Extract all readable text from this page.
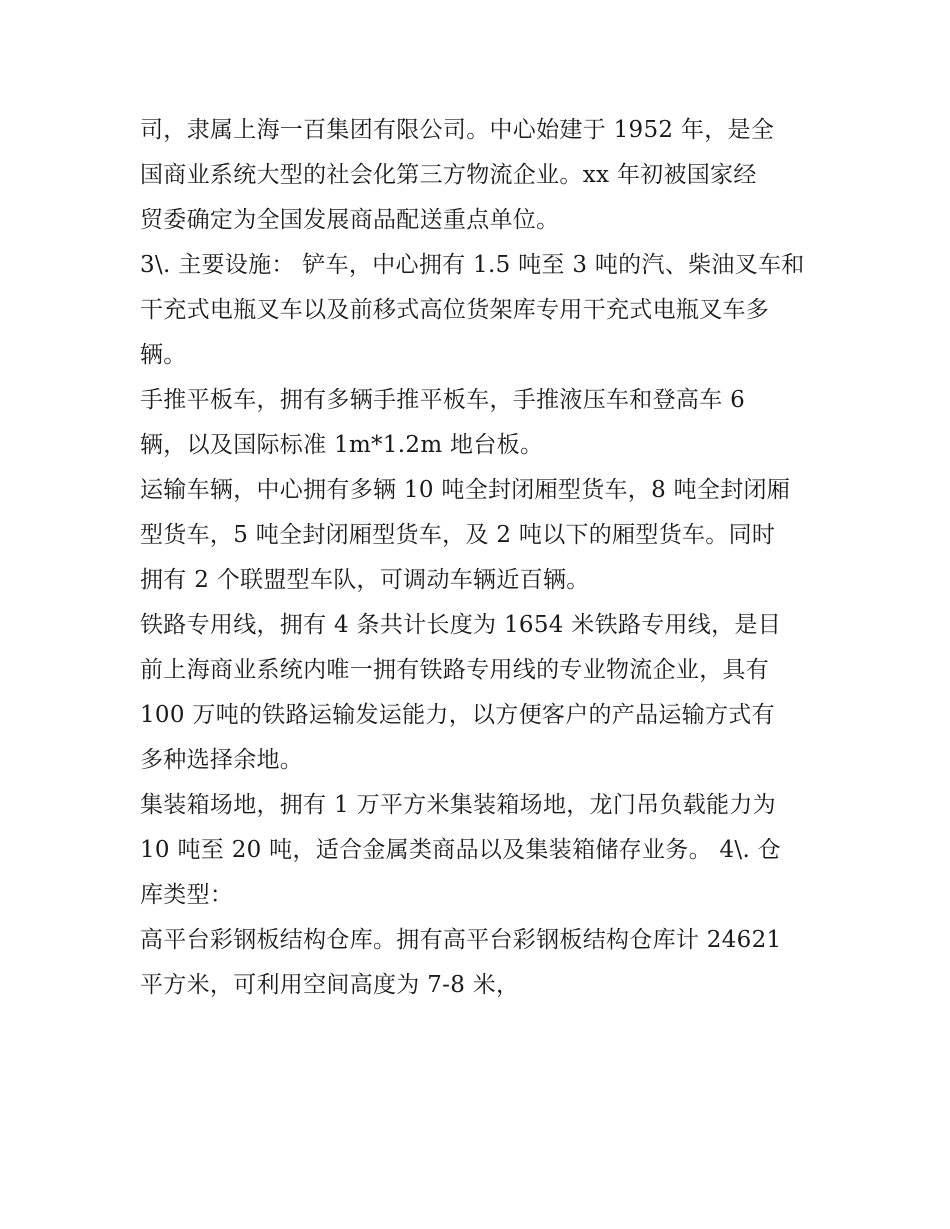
司，隶属上海一百集团有限公司。中心始建于 1952 年，是全
国商业系统大型的社会化第三方物流企业。xx 年初被国家经
贸委确定为全国发展商品配送重点单位。
3\. 主要设施： 铲车，中心拥有 1.5 吨至 3 吨的汽、柴油叉车和
干充式电瓶叉车以及前移式高位货架库专用干充式电瓶叉车多
辆。
手推平板车，拥有多辆手推平板车，手推液压车和登高车 6
辆，以及国际标准 1m*1.2m 地台板。
运输车辆，中心拥有多辆 10 吨全封闭厢型货车，8 吨全封闭厢
型货车，5 吨全封闭厢型货车，及 2 吨以下的厢型货车。同时
拥有 2 个联盟型车队，可调动车辆近百辆。
铁路专用线，拥有 4 条共计长度为 1654 米铁路专用线，是目
前上海商业系统内唯一拥有铁路专用线的专业物流企业，具有
100 万吨的铁路运输发运能力，以方便客户的产品运输方式有
多种选择余地。
集装箱场地，拥有 1 万平方米集装箱场地，龙门吊负载能力为
10 吨至 20 吨，适合金属类商品以及集装箱储存业务。 4\. 仓
库类型：
高平台彩钢板结构仓库。拥有高平台彩钢板结构仓库计 24621
平方米，可利用空间高度为 7-8 米，
